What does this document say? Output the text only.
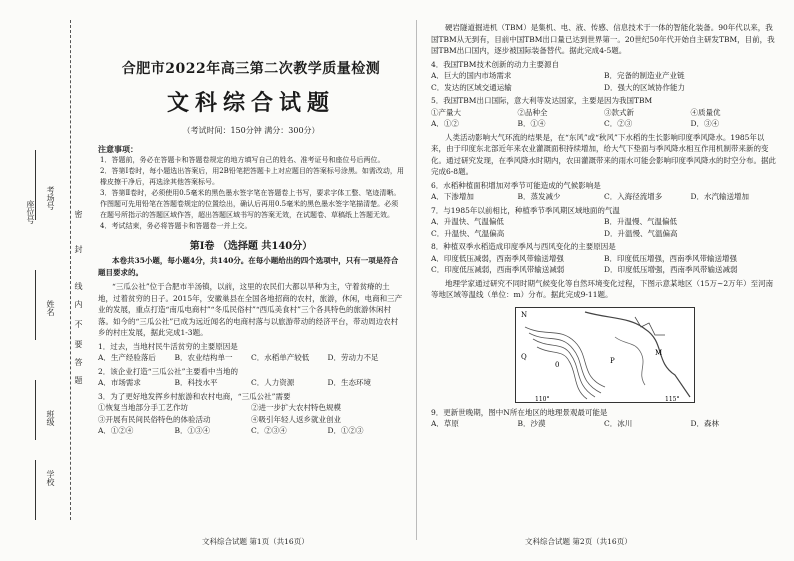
考场号
姓名
班级
学校
座位号	密
封
线
内
不
要
答
题
合肥市2022年高三第二次教学质量检测
文科综合试题
（考试时间：150分钟 满分：300分）
注意事项：
1．答题前，务必在答题卡和答题卷规定的地方填写自己的姓名、准考证号和座位号后两位。
2．答第Ⅰ卷时，每小题选出答案后，用2B铅笔把答题卡上对应题目的答案标号涂黑。如需改动，用橡皮擦干净后，再选涂其他答案标号。
3．答第Ⅱ卷时，必须使用0.5毫米的黑色墨水签字笔在答题卷上书写，要求字体工整、笔迹清晰。作图题可先用铅笔在答题卷规定的位置绘出，确认后再用0.5毫米的黑色墨水签字笔描清楚。必须在题号所指示的答题区域作答，超出答题区域书写的答案无效，在试题卷、草稿纸上答题无效。
4．考试结束，务必将答题卡和答题卷一并上交。
第Ⅰ卷 （选择题 共140分）
本卷共35小题，每小题4分，共140分。在每小题给出的四个选项中，只有一项是符合题目要求的。
“三瓜公社”位于合肥市半汤镇，以前，这里的农民们大都以旱种为主，守着贫瘠的土地，过着贫穷的日子。2015年，安徽巢县在全国各地招商的农村，旅游，休闲，电商和三产业的发展，重点打造“南瓜电商村”“冬瓜民俗村”“西瓜美食村”三个各具特色的旅游休闲村落。如今的“三瓜公社”已成为远近闻名的电商村落与以旅游带动的经济平台，带动周边农村乡的村庄发展，据此完成1-3题。
1．过去，当地村民牛活贫穷的主要原因是
A．生产经验落后	B．农业结构单一	C．水稻单产较低	D．劳动力不足
2．该企业打造“三瓜公社”主要看中当地的
A．市场需求	B．科技水平	C．人力资源	D．生态环境
3．为了更好地发挥乡村旅游和农村电商，“三瓜公社”需要
①恢复当地部分手工艺作坊	②进一步扩大农村特色规模
③开展有民间民俗特色的体验活动	④吸引年轻人返乡就业创业
A．①②④	B．①③④	C．②③④	D．①②③
文科综合试题 第1页（共16页）
硬岩隧道掘进机（TBM）是集机、电、液、传感、信息技术于一体的智能化装备。90年代以来，我国TBM从无到有，目前中国TBM出口量已达到世界第一。20世纪50年代开始自主研发TBM，目前，我国TBM出口国内，逐步被国际装备替代。据此完成4-5题。
4．我国TBM技术创新的动力主要源自
A．巨大的国内市场需求	B．完备的制造业产业链
C．发达的区域交通运输	D．强大的区域协作能力
5．我国TBM出口国际，意大利等发达国家，主要是因为我国TBM
①产量大	②品种全	③款式新	④质量优
A．①②	B．①④	C．②③	D．③④
人类活动影响大气环流的结果是，在“东风”或“秋风”下水稻的生长影响印度季风降水。1985年以来，由于印度东北部近年来农业灌溉面积持续增加，给大气下垫面与季风降水相互作用机制带来新的变化。通过研究发现，在季风降水时期内，农田灌溉带来的雨水可能会影响印度季风降水的时空分布。据此完成6-8题。
6．水稻种植面积增加对季节可能造成的气候影响是
A．下渗增加	B．蒸发减少	C．入海径流增多	D．水汽输送增加
7．与1985年以前相比，种植季节季风期区域地面的气温
A．升温快、气温偏低	B．升温慢、气温偏低
C．升温快、气温偏高	D．升温慢、气温偏高
8．种植双季水稻造成印度季风与西风变化的主要原因是
A．印度低压减弱，西南季风带输送增强	B．印度低压增强，西南季风带输送增强
C．印度低压减弱，西南季风带输送减弱	D．印度低压增强，西南季风带输送减弱
地理学家通过研究不同时期气候变化等自然环境变化过程，下图示意某地区（15万~2万年）至河南等地区域等温线（单位：m）分布。据此完成9-11题。
N
Q	P
0
M
110°	115°
9．更新世晚期，图中N所在地区的地理景观最可能是
A．草原	B．沙漠	C．冰川	D．森林
文科综合试题 第2页（共16页）
